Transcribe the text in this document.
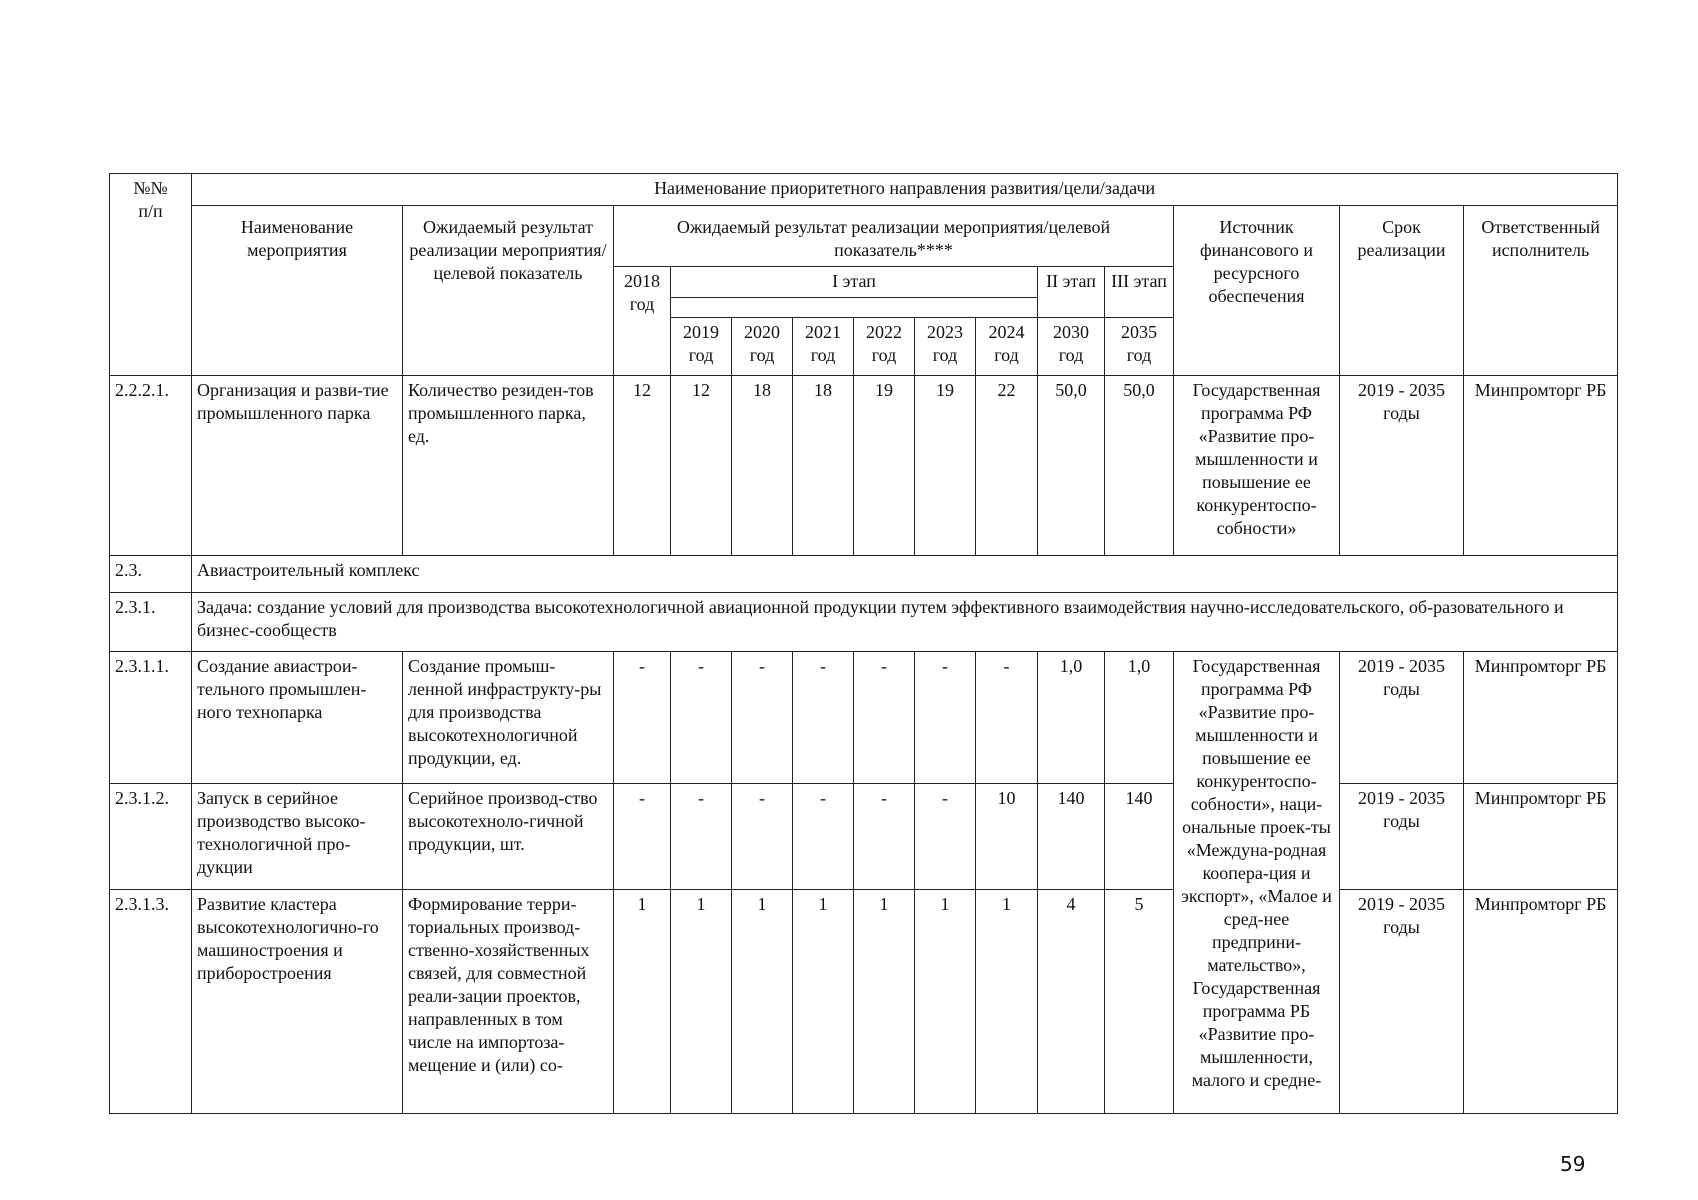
№№
п/п	Наименование приоритетного направления развития/цели/задачи													
	Наименование мероприятия	Ожидаемый результат реализации мероприятия/целевой показатель	Ожидаемый результат реализации мероприятия/целевой показатель****									Источник финансового и ресурсного обеспечения	Срок реализации	Ответственный исполнитель
			2018 год	I этап						II этап	III этап			

				2019 год	2020 год	2021 год	2022 год	2023 год	2024 год	2030 год	2035 год			
2.2.2.1.	Организация и разви-тие промышленного парка	Количество резиден-тов промышленного парка, ед.	12	12	18	18	19	19	22	50,0	50,0	Государственная программа РФ «Развитие про-мышленности и повышение ее конкурентоспо-собности»	2019 - 2035 годы	Минпромторг РБ
2.3.	Авиастроительный комплекс													
2.3.1.	Задача: создание условий для производства высокотехнологичной авиационной продукции путем эффективного взаимодействия научно-исследовательского, об-разовательного и бизнес-сообществ													
2.3.1.1.	Создание авиастрои-тельного промышлен-ного технопарка	Создание промыш-ленной инфраструкту-ры для производства высокотехнологичной продукции, ед.	-	-	-	-	-	-	-	1,0	1,0	Государственная программа РФ «Развитие про-мышленности и повышение ее конкурентоспо-собности», наци-ональные проек-ты «Междуна-родная коопера-ция и экспорт», «Малое и сред-нее предприни-мательство», Государственная программа РБ «Развитие про-мышленности, малого и средне-	2019 - 2035 годы	Минпромторг РБ
2.3.1.2.	Запуск в серийное производство высоко-технологичной про-дукции	Серийное производ-ство высокотехноло-гичной продукции, шт.	-	-	-	-	-	-	10	140	140		2019 - 2035 годы	Минпромторг РБ
2.3.1.3.	Развитие кластера высокотехнологично-го машиностроения и приборостроения	Формирование терри-ториальных производ-ственно-хозяйственных связей, для совместной реали-зации проектов, направленных в том числе на импортоза-мещение и (или) со-	1	1	1	1	1	1	1	4	5		2019 - 2035 годы	Минпромторг РБ
59
